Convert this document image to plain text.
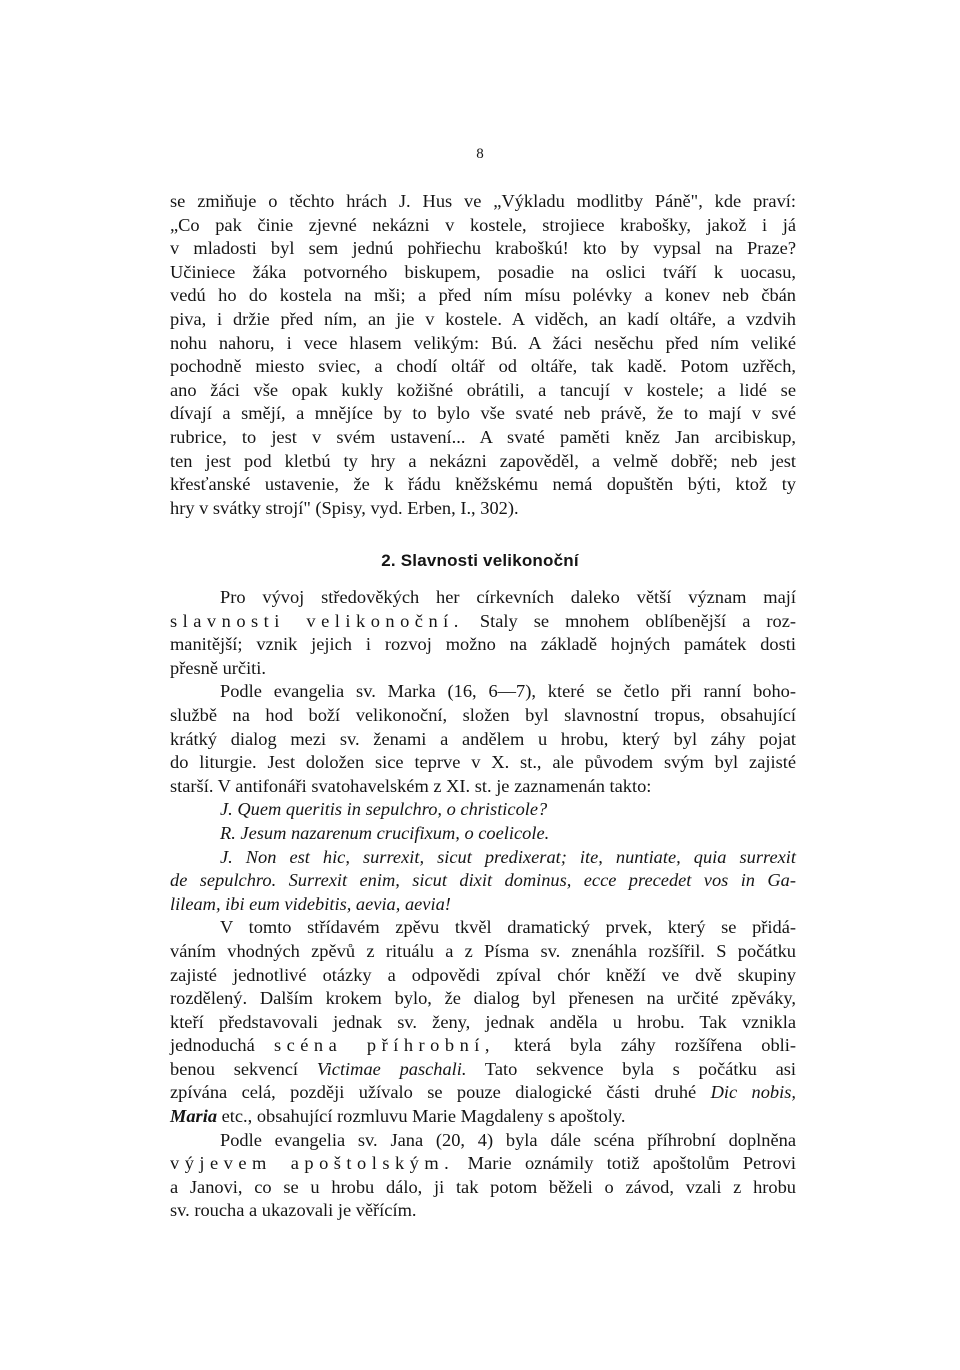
8

se zmiňuje o těchto hrách J. Hus ve „Výkladu modlitby Páně", kde praví:

„Co pak činie zjevné nekázni v kostele, strojiece krabošky, jakož i já

v mladosti byl sem jednú pohřiechu kraboškú! kto by vypsal na Praze?

Učiniece žáka potvorného biskupem, posadie na oslici tváří k uocasu,

vedú ho do kostela na mši; a před ním mísu polévky a konev neb čbán

piva, i držie před ním, an jie v kostele. A viděch, an kadí oltáře, a vzdvih

nohu nahoru, i vece hlasem velikým: Bú. A žáci nesěchu před ním veliké

pochodně miesto sviec, a chodí oltář od oltáře, tak kadě. Potom uzřěch,

ano žáci vše opak kukly kožišné obrátili, a tancují v kostele; a lidé se

dívají a smějí, a mnějíce by to bylo vše svaté neb právě, že to mají v své

rubrice, to jest v svém ustavení... A svaté paměti kněz Jan arcibiskup,

ten jest pod kletbú ty hry a nekázni zapověděl, a velmě dobřě; neb jest

křesťanské ustavenie, že k řádu kněžskému nemá dopuštěn býti, ktož ty

hry v svátky strojí" (Spisy, vyd. Erben, I., 302).

2. Slavnosti velikonoční

Pro vývoj středověkých her církevních daleko větší význam mají

slavnosti velikonoční. Staly se mnohem oblíbenější a roz-

manitější; vznik jejich i rozvoj možno na základě hojných památek dosti

přesně určiti.

Podle evangelia sv. Marka (16, 6—7), které se četlo při ranní boho-

službě na hod boží velikonoční, složen byl slavnostní tropus, obsahující

krátký dialog mezi sv. ženami a andělem u hrobu, který byl záhy pojat

do liturgie. Jest doložen sice teprve v X. st., ale původem svým byl zajisté

starší. V antifonáři svatohavelském z XI. st. je zaznamenán takto:

J. Quem queritis in sepulchro, o christicole?

R. Jesum nazarenum crucifixum, o coelicole.

J. Non est hic, surrexit, sicut predixerat; ite, nuntiate, quia surrexit

de sepulchro. Surrexit enim, sicut dixit dominus, ecce precedet vos in Ga-

lileam, ibi eum videbitis, aevia, aevia!

V tomto střídavém zpěvu tkvěl dramatický prvek, který se přidá-

váním vhodných zpěvů z rituálu a z Písma sv. znenáhla rozšířil. S počátku

zajisté jednotlivé otázky a odpovědi zpíval chór kněží ve dvě skupiny

rozdělený. Dalším krokem bylo, že dialog byl přenesen na určité zpěváky,

kteří představovali jednak sv. ženy, jednak anděla u hrobu. Tak vznikla

jednoduchá scéna příhrobní, která byla záhy rozšířena obli-

benou sekvencí Victimae paschali. Tato sekvence byla s počátku asi

zpívána celá, později užívalo se pouze dialogické části druhé Dic nobis,

Maria etc., obsahující rozmluvu Marie Magdaleny s apoštoly.

Podle evangelia sv. Jana (20, 4) byla dále scéna příhrobní doplněna

výjevem apoštolským. Marie oznámily totiž apoštolům Petrovi

a Janovi, co se u hrobu dálo, ji tak potom běželi o závod, vzali z hrobu

sv. roucha a ukazovali je věřícím.
